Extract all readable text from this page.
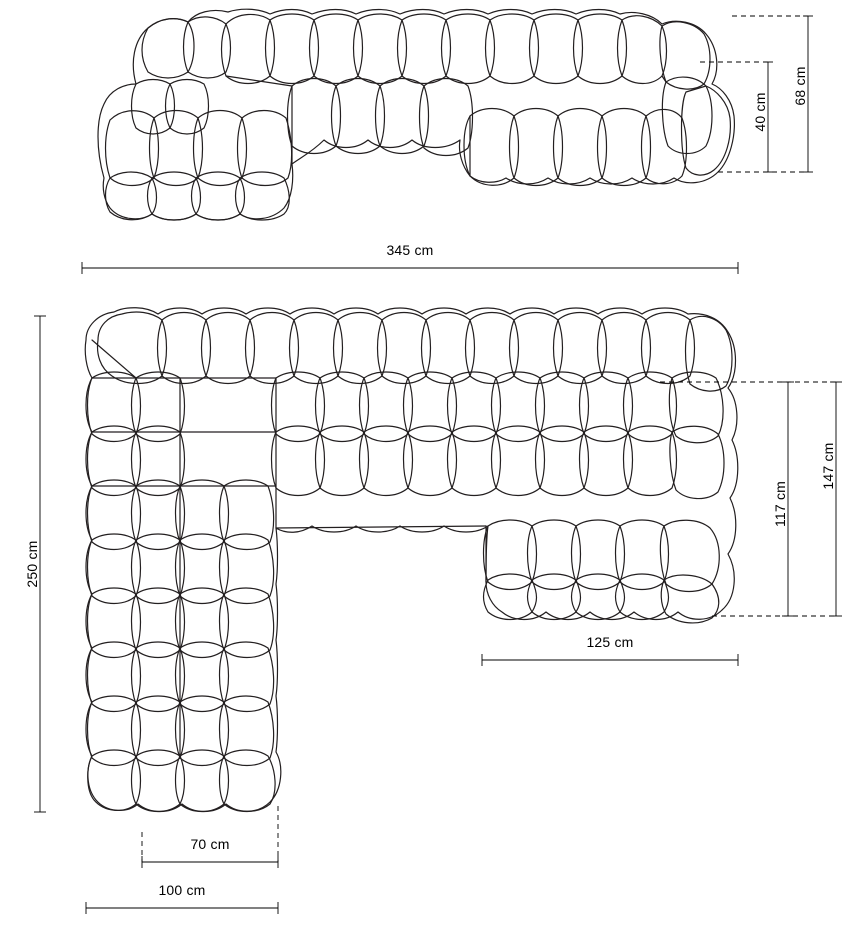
68 cm
40 cm
345 cm
250 cm
147 cm
117 cm
125 cm
70 cm
100 cm
